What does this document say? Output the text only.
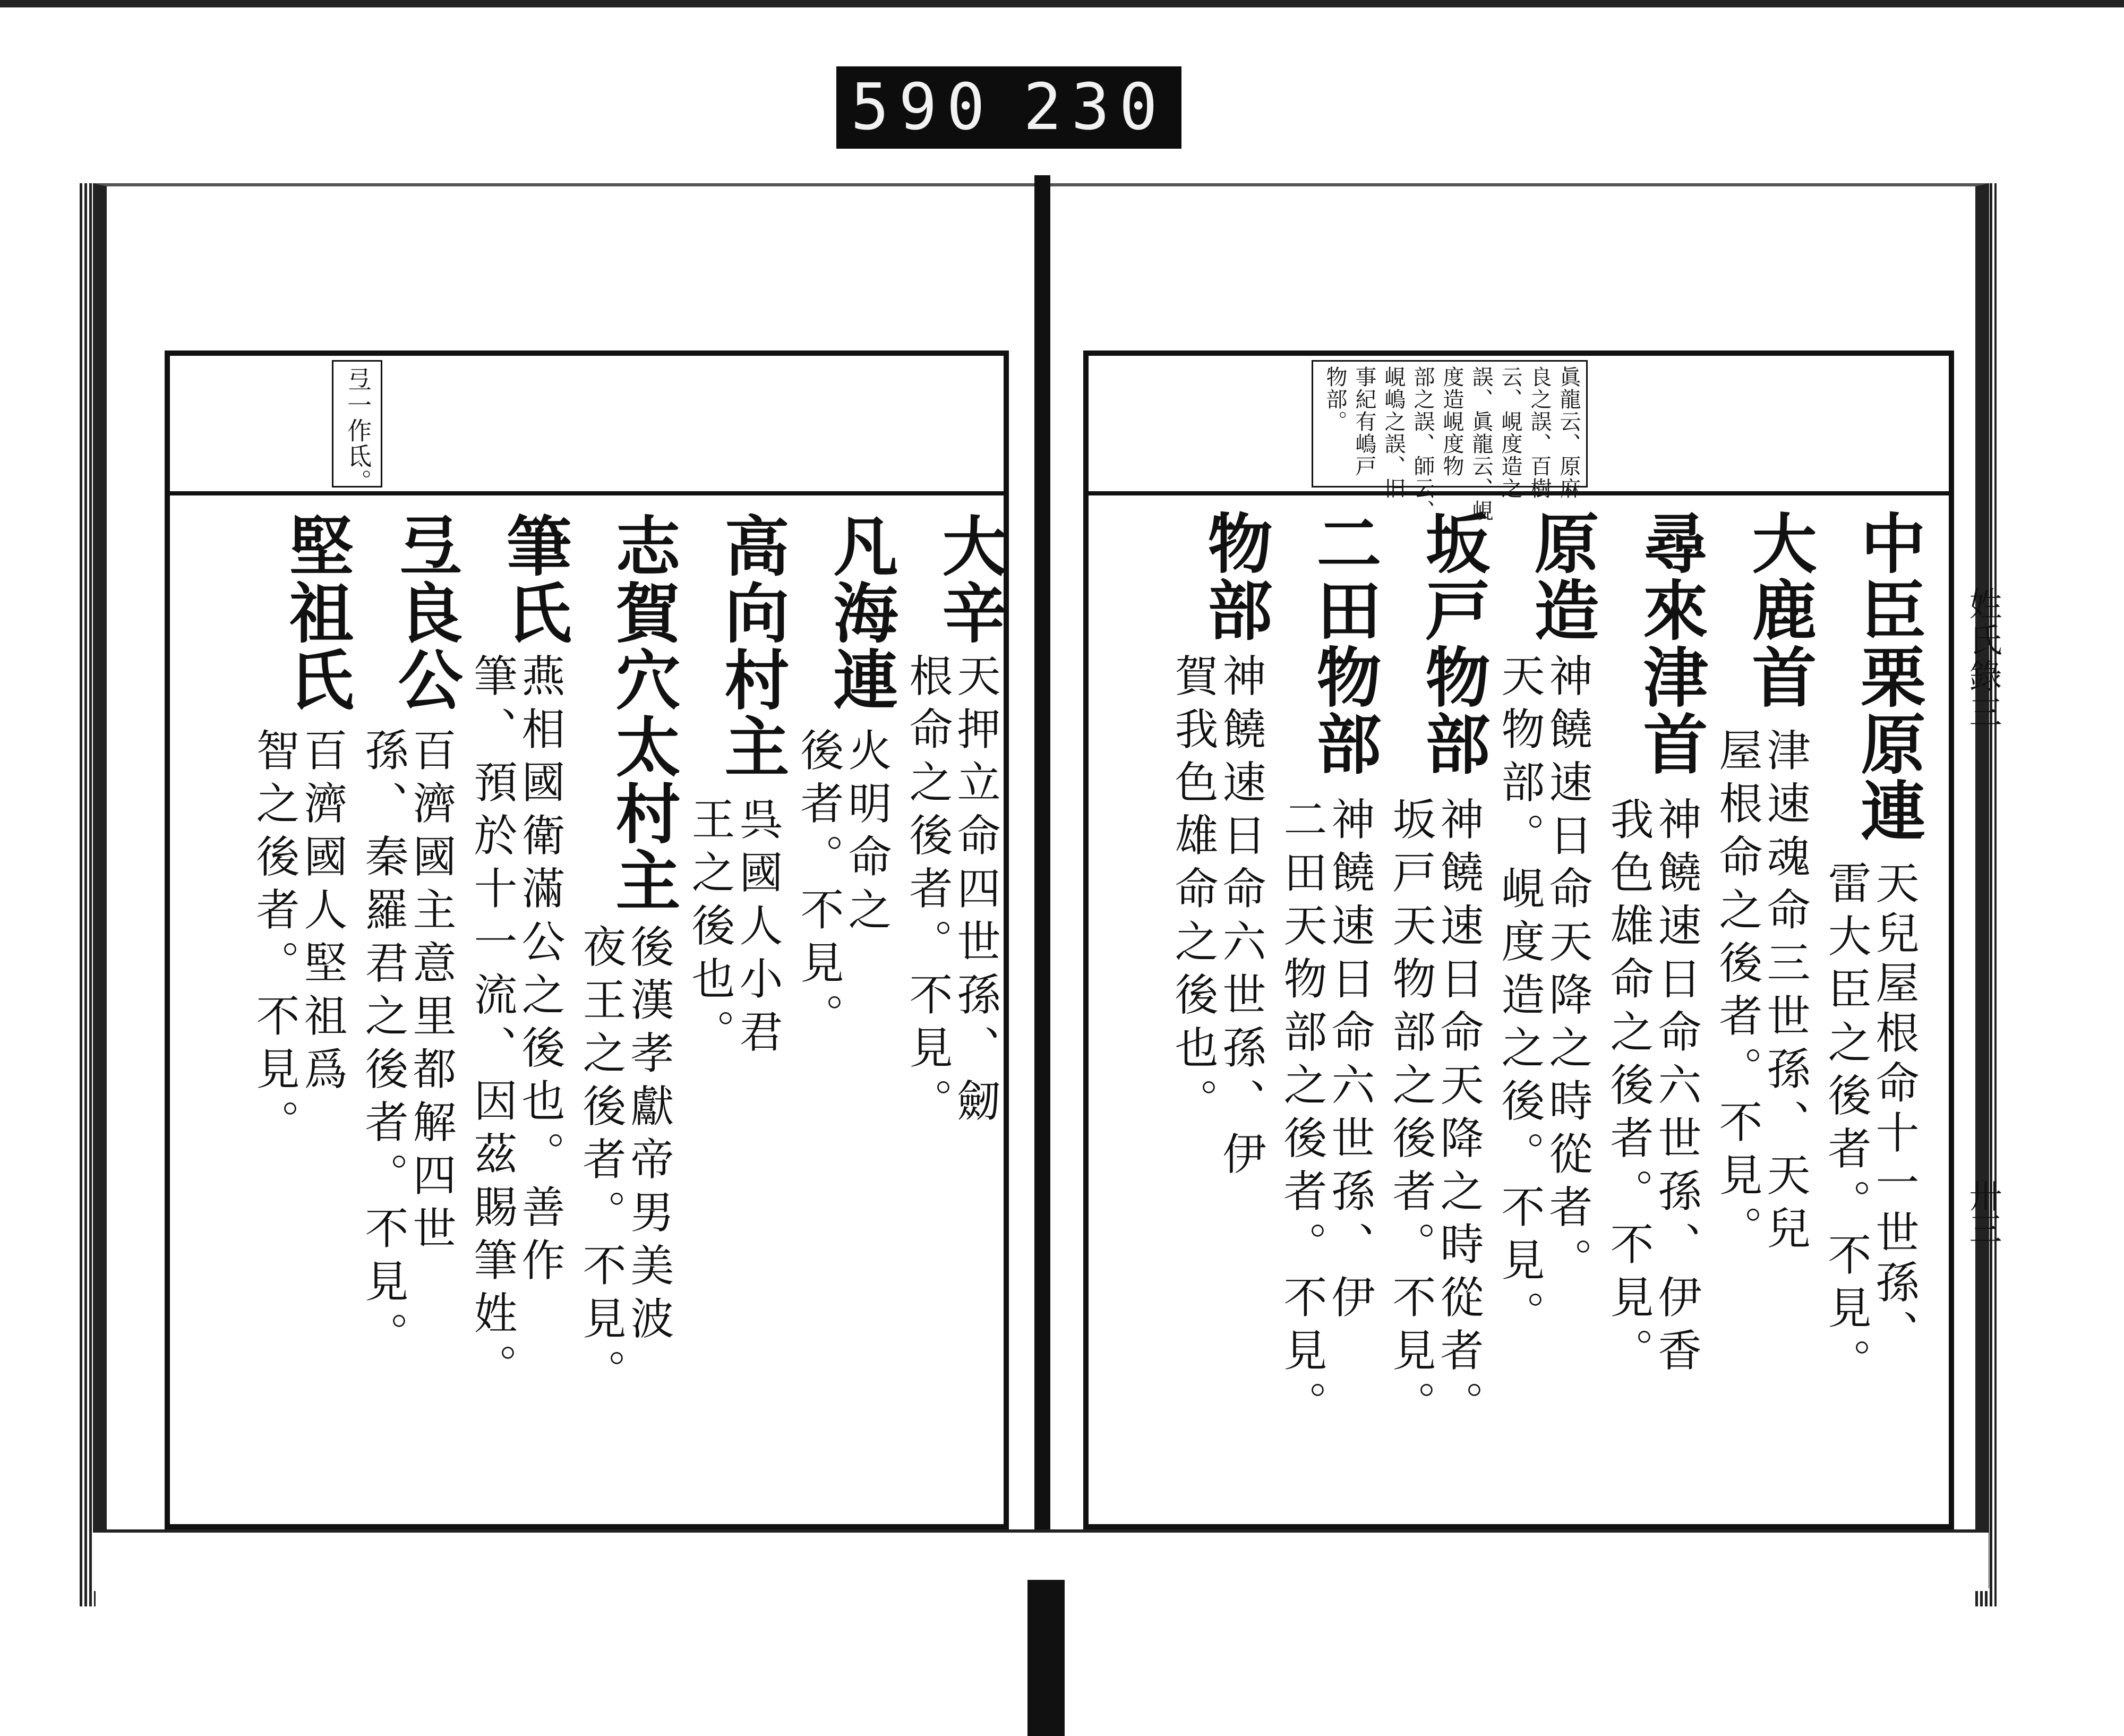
590 230
姓氏錄三
卅三
弖一作氐。
大辛
天押立命四世孫、劒
根命之後者。不見。
凡海連
火明命之
後者。不見。
高向村主
呉國人小君
王之後也。
志賀穴太村主
後漢孝獻帝男美波
夜王之後者。不見。
筆氏
燕相國衛滿公之後也。善作
筆、預於十一流、因茲賜筆姓。
弖良公
百濟國主意里都解四世
孫、秦羅君之後者。不見。
堅祖氏
百濟國人堅祖爲
智之後者。不見。
眞龍云、原麻
良之誤、百樹
云、峴度造之
誤、眞龍云、峴
度造峴度物
部之誤、師云、
峴嶋之誤、旧
事紀有嶋戸
物部。
中臣栗原連
天兒屋根命十一世孫、
雷大臣之後者。不見。
大鹿首
津速魂命三世孫、天兒
屋根命之後者。不見。
尋來津首
神饒速日命六世孫、伊香
我色雄命之後者。不見。
原造
神饒速日命天降之時從者。
天物部。峴度造之後。不見。
坂戸物部
神饒速日命天降之時從者。
坂戸天物部之後者。不見。
二田物部
神饒速日命六世孫、伊
二田天物部之後者。不見。
物部
神饒速日命六世孫、伊
賀我色雄命之後也。
